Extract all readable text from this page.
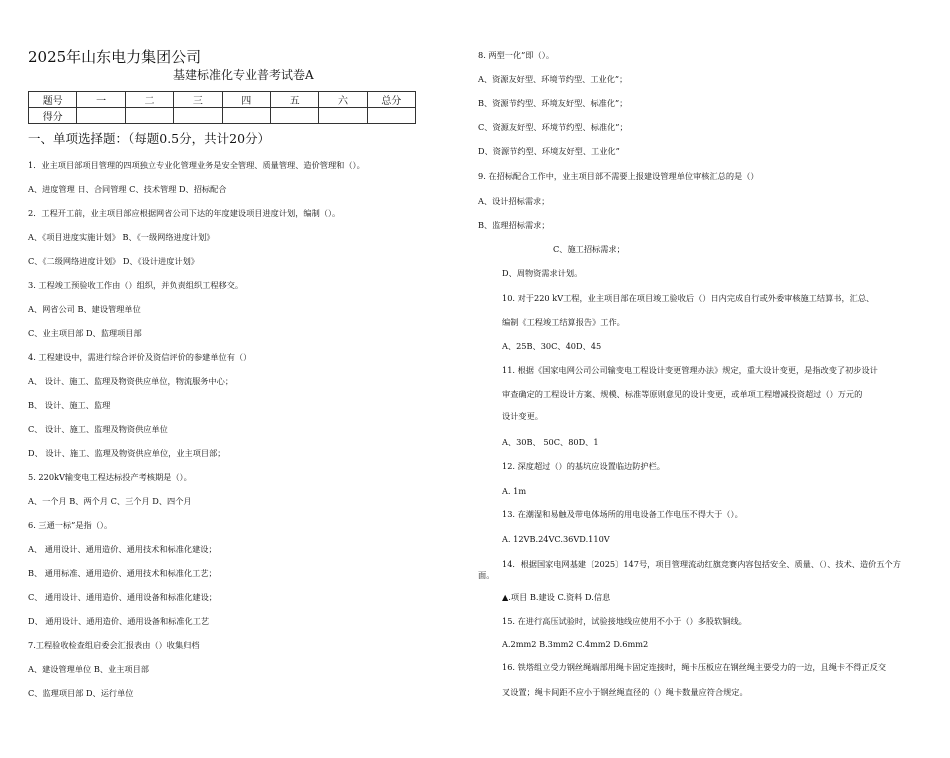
2025年山东电力集团公司
基建标准化专业普考试卷A
题号	一	二	三	四	五	六	总分
得分							
一、单项选择题：（每题0.5分，共计20分）
1．业主项目部项目管理的四项独立专业化管理业务是安全管理、质量管理、造价管理和（）。
A、进度管理 日、合同管理 C、技术管理 D、招标配合
2．工程开工前，业主项目部应根据网省公司下达的年度建设项目进度计划，编制（）。
A、《项目进度实施计划》 B、《一级网络进度计划》
C、《二级网络进度计划》 D、《设计进度计划》
3. 工程竣工预验收工作由（）组织，并负责组织工程移交。
A、网省公司 B、建设管理单位
C、业主项目部 D、监理项目部
4. 工程建设中，需进行综合评价及资信评价的参建单位有（）
A、 设计、施工、监理及物资供应单位，物流服务中心；
B、 设计、施工、监理
C、 设计、施工、监理及物资供应单位
D、 设计、施工、监理及物资供应单位，业主项目部；
5. 220kV输变电工程达标投产考核期是（）。
A、一个月 B、两个月 C、三个月 D、四个月
6. 三通一标”是指（）。
A、 通用设计、通用造价、通用技术和标准化建设；
B、 通用标准、通用造价、通用技术和标准化工艺；
C、 通用设计、通用造价、通用设备和标准化建设；
D、 通用设计、通用造价、通用设备和标准化工艺
7.工程验收检查组启委会汇报表由（）收集归档
A、建设管理单位 B、业主项目部
C、监理项目部 D、运行单位
8. 两型一化”即（）。
A、资源友好型、环境节约型、工业化”；
B、资源节约型、环境友好型、标准化”；
C、资源友好型、环境节约型、标准化”；
D、资源节约型、环境友好型、工业化”
9. 在招标配合工作中，业主项目部不需要上报建设管理单位审核汇总的是（）
A、设计招标需求；
B、监理招标需求；
C、施工招标需求；
D、周物资需求计划。
10. 对于220 kV工程，业主项目部在项目竣工验收后（）日内完成自行或外委审核施工结算书，汇总、
编制《工程竣工结算报告》工作。
A、25B、30C、40D、45
11. 根据《国家电网公司公司输变电工程设计变更管理办法》规定，重大设计变更，是指改变了初步设计
审查确定的工程设计方案、规模、标准等原则意见的设计变更，或单项工程增减投资超过（）万元的
设计变更。
A、30B、 50C、80D、1
12. 深度超过（）的基坑应设置临边防护栏。
A. 1m
13. 在潮湿和易触及带电体场所的用电设备工作电压不得大于（）。
A. 12VB.24VC.36VD.110V
14．根据国家电网基建〔2025〕147号，项目管理流动红旗竞赛内容包括安全、质量、（）、技术、造价五个方
面。
▲.项目 B.建设 C.资料 D.信息
15. 在进行高压试验时，试验接地线应使用不小于（）多股软铜线。
A.2mm2 B.3mm2 C.4mm2 D.6mm2
16. 铁塔组立受力钢丝绳端部用绳卡固定连接时，绳卡压板应在钢丝绳主要受力的一边，且绳卡不得正反交
叉设置；绳卡间距不应小于钢丝绳直径的（）绳卡数量应符合规定。
